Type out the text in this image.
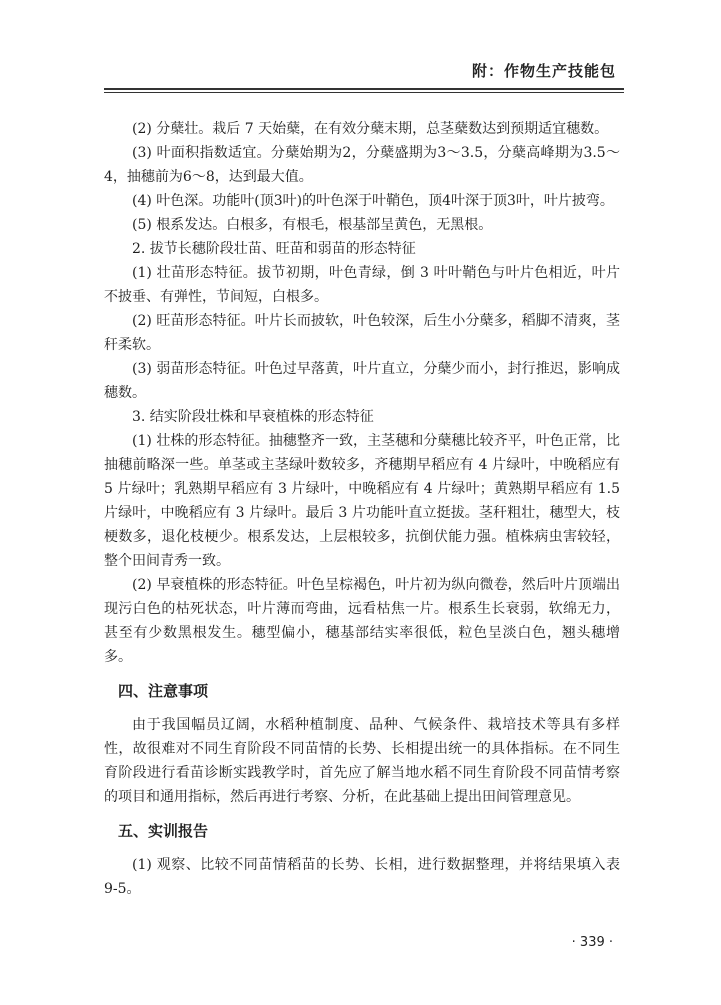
附：作物生产技能包

(2) 分蘖壮。栽后 7 天始蘖，在有效分蘖末期，总茎蘖数达到预期适宜穗数。

(3) 叶面积指数适宜。分蘖始期为2，分蘖盛期为3～3.5，分蘖高峰期为3.5～4，抽穗前为6～8，达到最大值。

(4) 叶色深。功能叶(顶3叶)的叶色深于叶鞘色，顶4叶深于顶3叶，叶片披弯。

(5) 根系发达。白根多，有根毛，根基部呈黄色，无黑根。

2. 拔节长穗阶段壮苗、旺苗和弱苗的形态特征

(1) 壮苗形态特征。拔节初期，叶色青绿，倒 3 叶叶鞘色与叶片色相近，叶片不披垂、有弹性，节间短，白根多。

(2) 旺苗形态特征。叶片长而披软，叶色较深，后生小分蘖多，稻脚不清爽，茎秆柔软。

(3) 弱苗形态特征。叶色过早落黄，叶片直立，分蘖少而小，封行推迟，影响成穗数。

3. 结实阶段壮株和早衰植株的形态特征

(1) 壮株的形态特征。抽穗整齐一致，主茎穗和分蘖穗比较齐平，叶色正常，比抽穗前略深一些。单茎或主茎绿叶数较多，齐穗期早稻应有 4 片绿叶，中晚稻应有 5 片绿叶；乳熟期早稻应有 3 片绿叶，中晚稻应有 4 片绿叶；黄熟期早稻应有 1.5 片绿叶，中晚稻应有 3 片绿叶。最后 3 片功能叶直立挺拔。茎秆粗壮，穗型大，枝梗数多，退化枝梗少。根系发达，上层根较多，抗倒伏能力强。植株病虫害较轻，整个田间青秀一致。

(2) 早衰植株的形态特征。叶色呈棕褐色，叶片初为纵向微卷，然后叶片顶端出现污白色的枯死状态，叶片薄而弯曲，远看枯焦一片。根系生长衰弱，软绵无力，甚至有少数黑根发生。穗型偏小，穗基部结实率很低，粒色呈淡白色，翘头穗增多。

四、注意事项

由于我国幅员辽阔，水稻种植制度、品种、气候条件、栽培技术等具有多样性，故很难对不同生育阶段不同苗情的长势、长相提出统一的具体指标。在不同生育阶段进行看苗诊断实践教学时，首先应了解当地水稻不同生育阶段不同苗情考察的项目和通用指标，然后再进行考察、分析，在此基础上提出田间管理意见。

五、实训报告

(1) 观察、比较不同苗情稻苗的长势、长相，进行数据整理，并将结果填入表 9-5。

· 339 ·
